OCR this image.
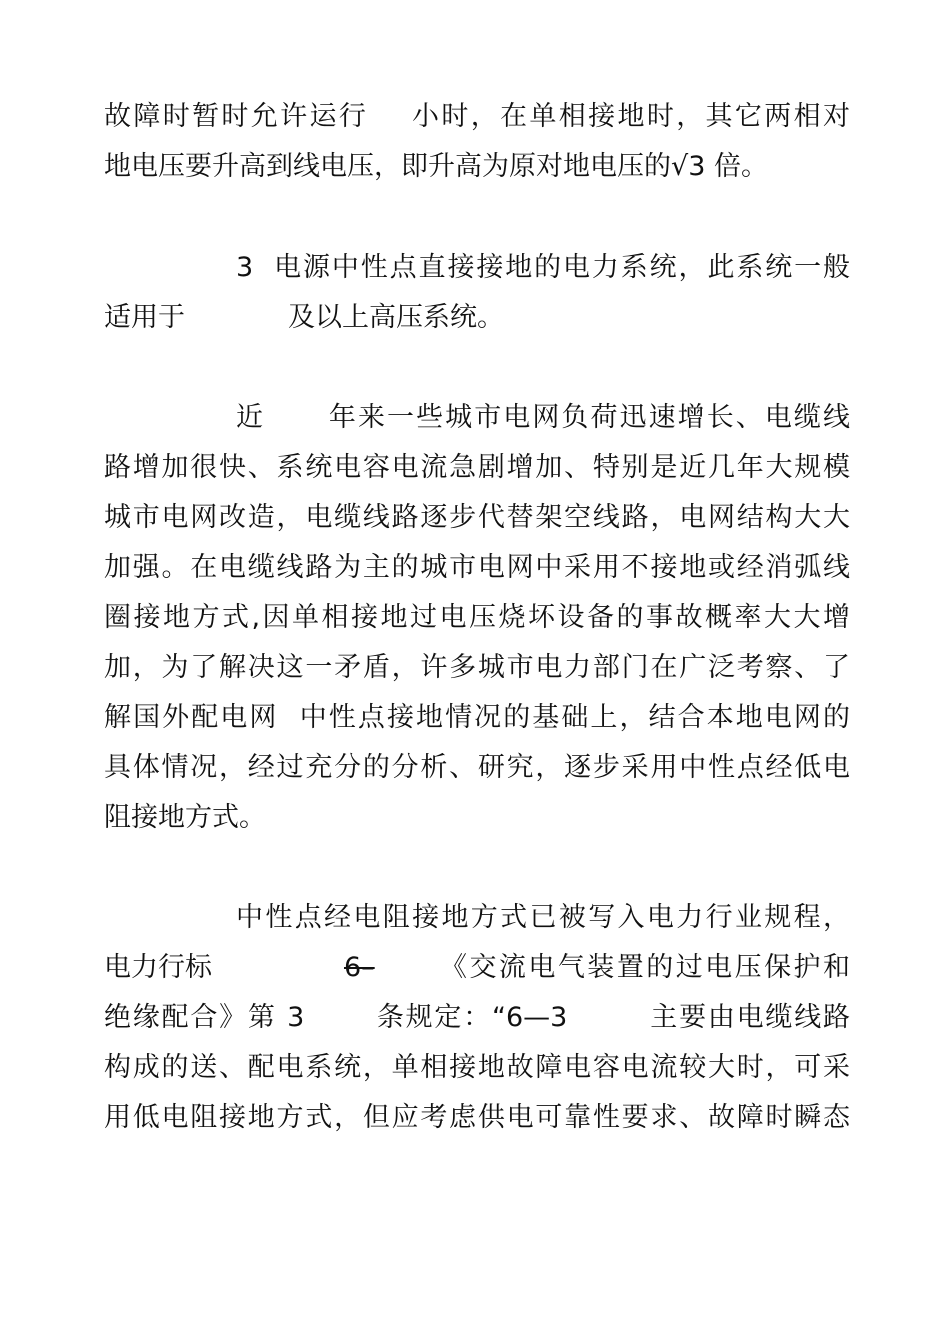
故障时暂时允许运行    小时，在单相接地时，其它两相对
地电压要升高到线电压，即升高为原对地电压的√3 倍。
3  电源中性点直接接地的电力系统，此系统一般
适用于            及以上高压系统。
近      年来一些城市电网负荷迅速增长、电缆线
路增加很快、系统电容电流急剧增加、特别是近几年大规模
城市电网改造，电缆线路逐步代替架空线路，电网结构大大
加强。在电缆线路为主的城市电网中采用不接地或经消弧线
圈接地方式,因单相接地过电压烧坏设备的事故概率大大增
加，为了解决这一矛盾，许多城市电力部门在广泛考察、了
解国外配电网  中性点接地情况的基础上，结合本地电网的
具体情况，经过充分的分析、研究，逐步采用中性点经低电
阻接地方式。
中性点经电阻接地方式已被写入电力行业规程，
电力行标	6–	《交流电气装置的过电压保护和
绝缘配合》第 3       条规定：“6—3        主要由电缆线路
构成的送、配电系统，单相接地故障电容电流较大时，可采
用低电阻接地方式，但应考虑供电可靠性要求、故障时瞬态
